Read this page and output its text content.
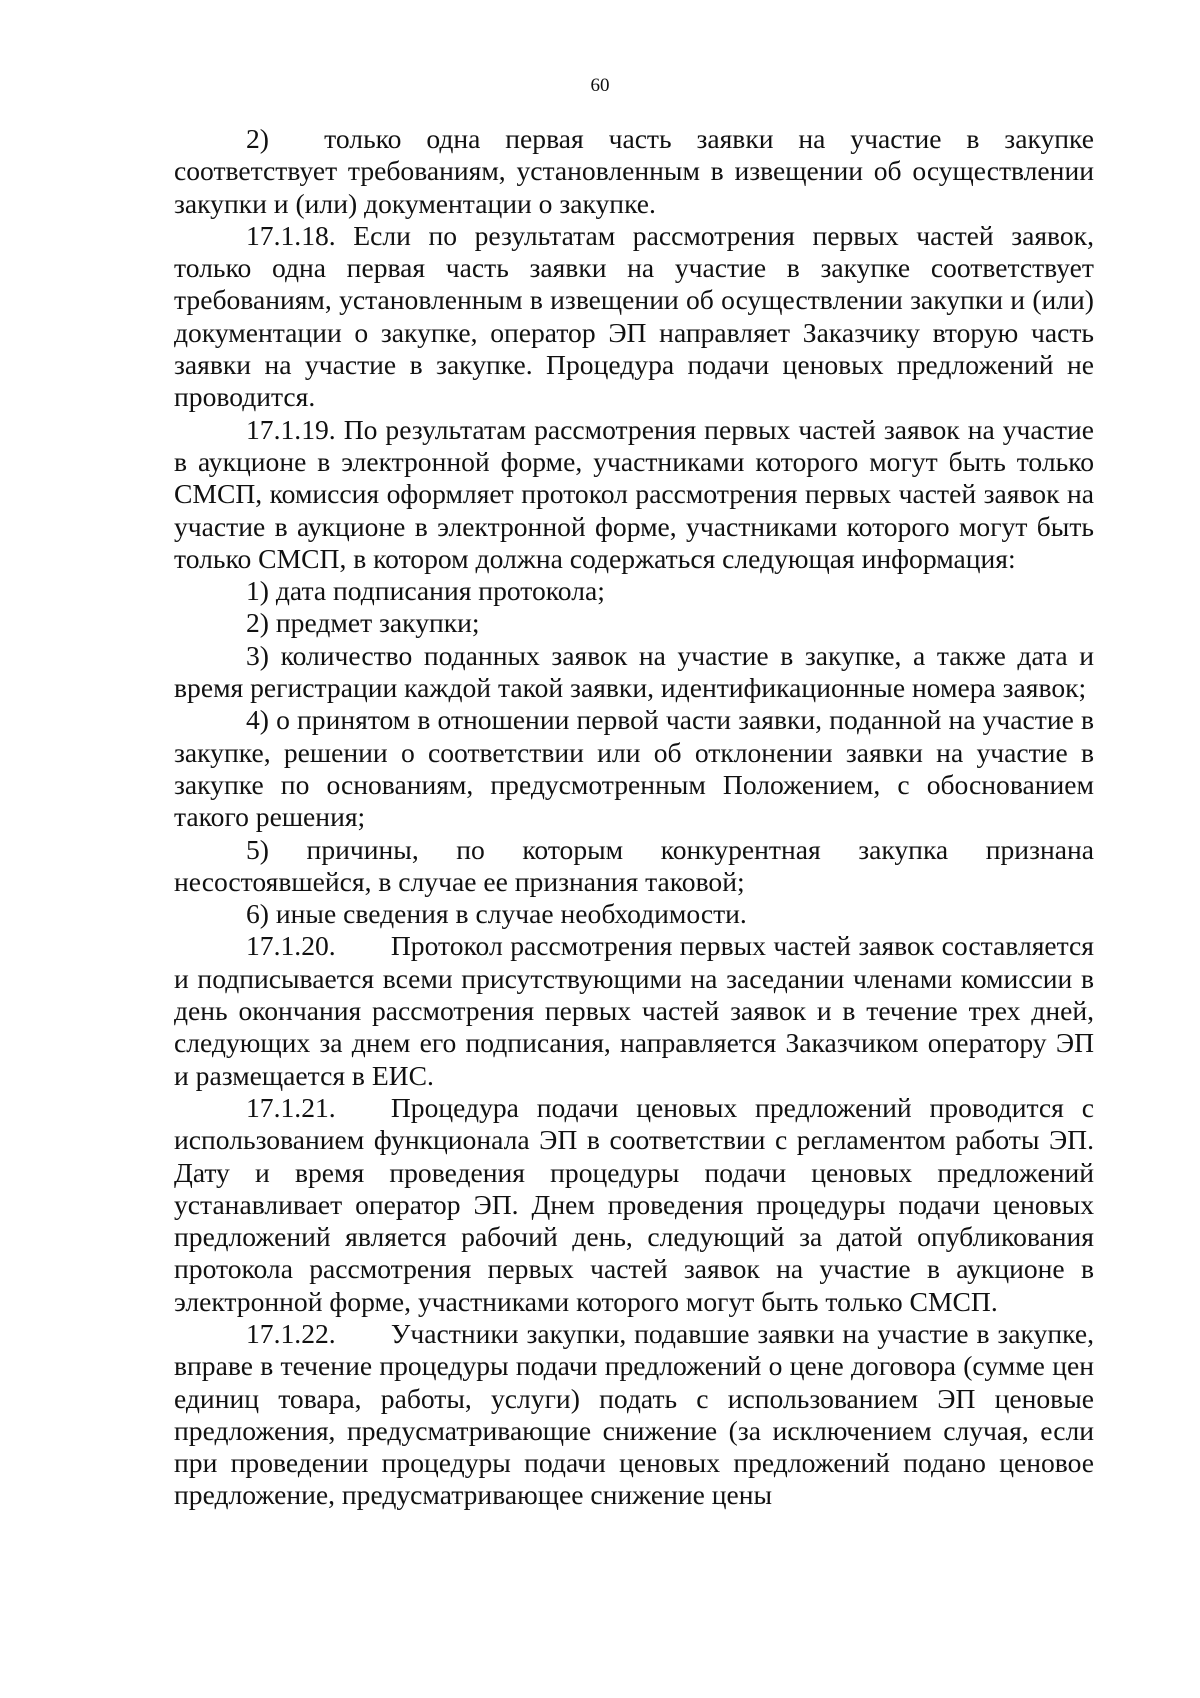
60

2)  только одна первая часть заявки на участие в закупке соответствует требованиям, установленным в извещении об осуществлении закупки и (или) документации о закупке.

17.1.18. Если по результатам рассмотрения первых частей заявок, только одна первая часть заявки на участие в закупке соответствует требованиям, установленным в извещении об осуществлении закупки и (или) документации о закупке, оператор ЭП направляет Заказчику вторую часть заявки на участие в закупке. Процедура подачи ценовых предложений не проводится.

17.1.19. По результатам рассмотрения первых частей заявок на участие в аукционе в электронной форме, участниками которого могут быть только СМСП, комиссия оформляет протокол рассмотрения первых частей заявок на участие в аукционе в электронной форме, участниками которого могут быть только СМСП, в котором должна содержаться следующая информация:

1) дата подписания протокола;

2) предмет закупки;

3) количество поданных заявок на участие в закупке, а также дата и время регистрации каждой такой заявки, идентификационные номера заявок;

4) о принятом в отношении первой части заявки, поданной на участие в закупке, решении о соответствии или об отклонении заявки на участие в закупке по основаниям, предусмотренным Положением, с обоснованием такого решения;

5) причины, по которым конкурентная закупка признана несостоявшейся, в случае ее признания таковой;

6) иные сведения в случае необходимости.

17.1.20.  Протокол рассмотрения первых частей заявок составляется и подписывается всеми присутствующими на заседании членами комиссии в день окончания рассмотрения первых частей заявок и в течение трех дней, следующих за днем его подписания, направляется Заказчиком оператору ЭП и размещается в ЕИС.

17.1.21.  Процедура подачи ценовых предложений проводится с использованием функционала ЭП в соответствии с регламентом работы ЭП. Дату и время проведения процедуры подачи ценовых предложений устанавливает оператор ЭП. Днем проведения процедуры подачи ценовых предложений является рабочий день, следующий за датой опубликования протокола рассмотрения первых частей заявок на участие в аукционе в электронной форме, участниками которого могут быть только СМСП.

17.1.22.  Участники закупки, подавшие заявки на участие в закупке, вправе в течение процедуры подачи предложений о цене договора (сумме цен единиц товара, работы, услуги) подать с использованием ЭП ценовые предложения, предусматривающие снижение (за исключением случая, если при проведении процедуры подачи ценовых предложений подано ценовое предложение, предусматривающее снижение цены
